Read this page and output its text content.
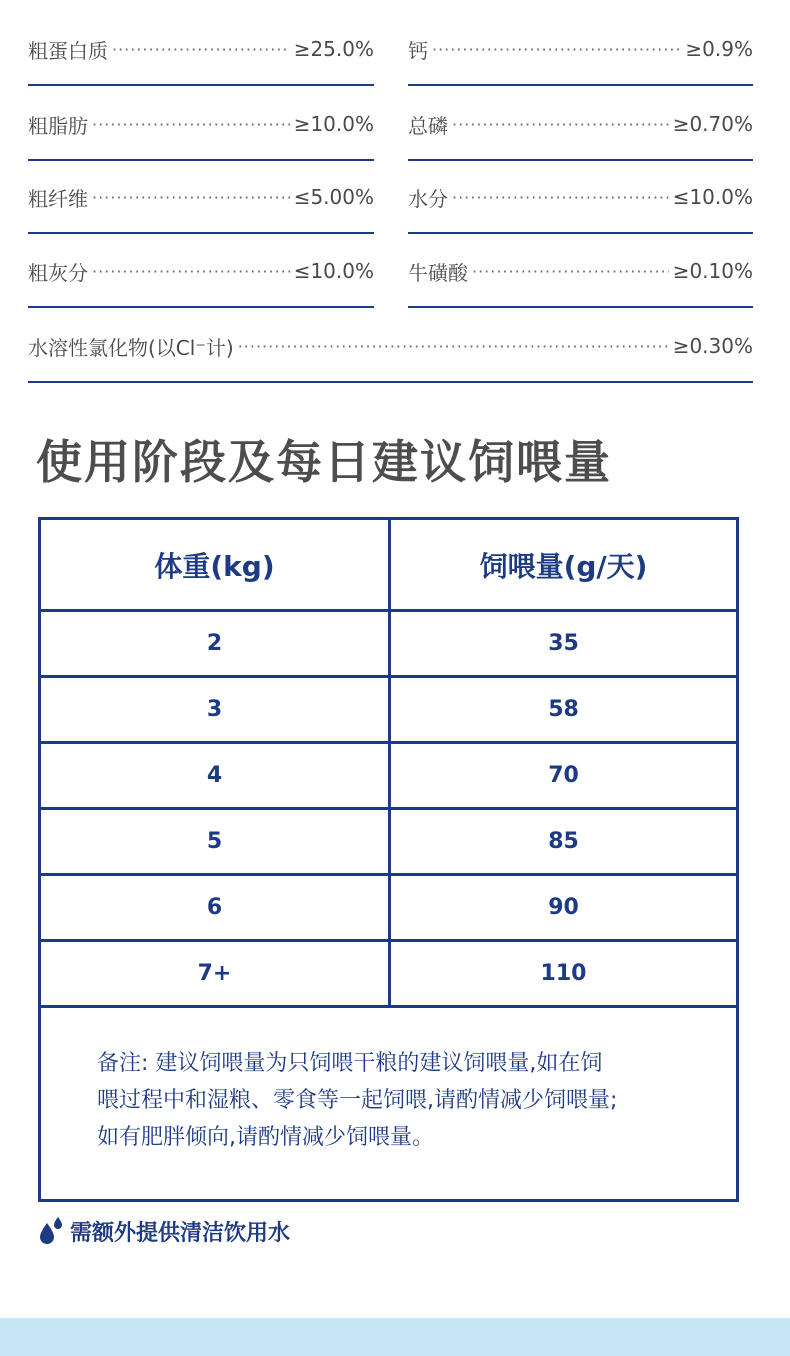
粗蛋白质 ·····	≥25.0% 钙 ·····	≥0.9%
粗脂肪 ·····	≥10.0% 总磷 ·····	≥0.70%
粗纤维 ·····	≤5.00% 水分 ·····	≤10.0%
粗灰分 ·····	≤10.0% 牛磺酸 ·····	≥0.10%
水溶性氯化物(以Cl⁻计) ·····	≥0.30%
使用阶段及每日建议饲喂量
体重(kg)	饲喂量(g/天)
2	35
3	58
4	70
5	85
6	90
7+	110
备注: 建议饲喂量为只饲喂干粮的建议饲喂量,如在饲
喂过程中和湿粮、零食等一起饲喂,请酌情减少饲喂量;
如有肥胖倾向,请酌情减少饲喂量。
需额外提供清洁饮用水
